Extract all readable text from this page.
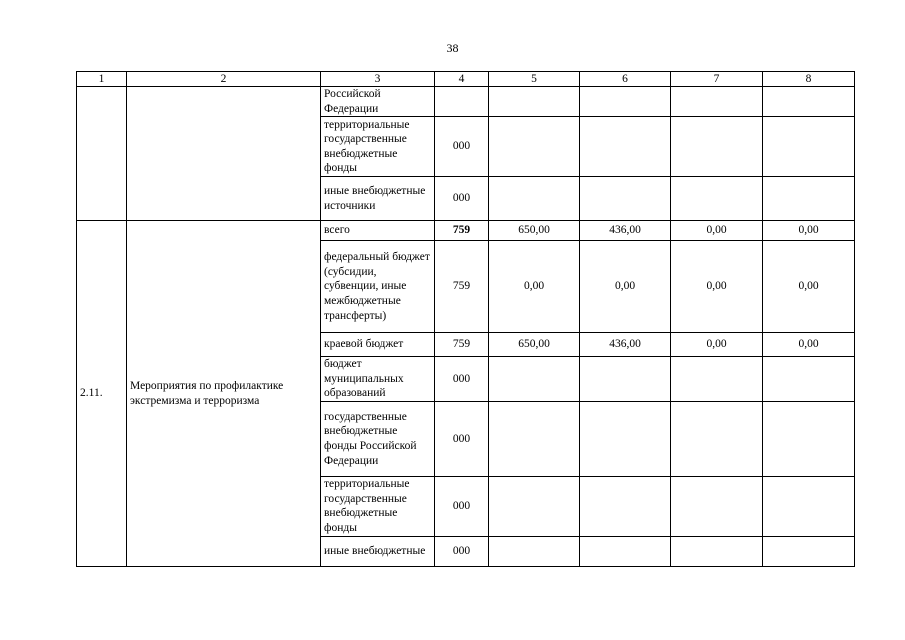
38
1	2	3	4	5	6	7	8
		Российской Федерации					
		территориальные государственные внебюджетные фонды	000				
		иные внебюджетные источники	000				
2.11.	Мероприятия по профилактике экстремизма и терроризма	всего	759	650,00	436,00	0,00	0,00
		федеральный бюджет (субсидии, субвенции, иные межбюджетные трансферты)	759	0,00	0,00	0,00	0,00
		краевой бюджет	759	650,00	436,00	0,00	0,00
		бюджет муниципальных образований	000				
		государственные внебюджетные фонды Российской Федерации	000				
		территориальные государственные внебюджетные фонды	000				
		иные внебюджетные	000				
